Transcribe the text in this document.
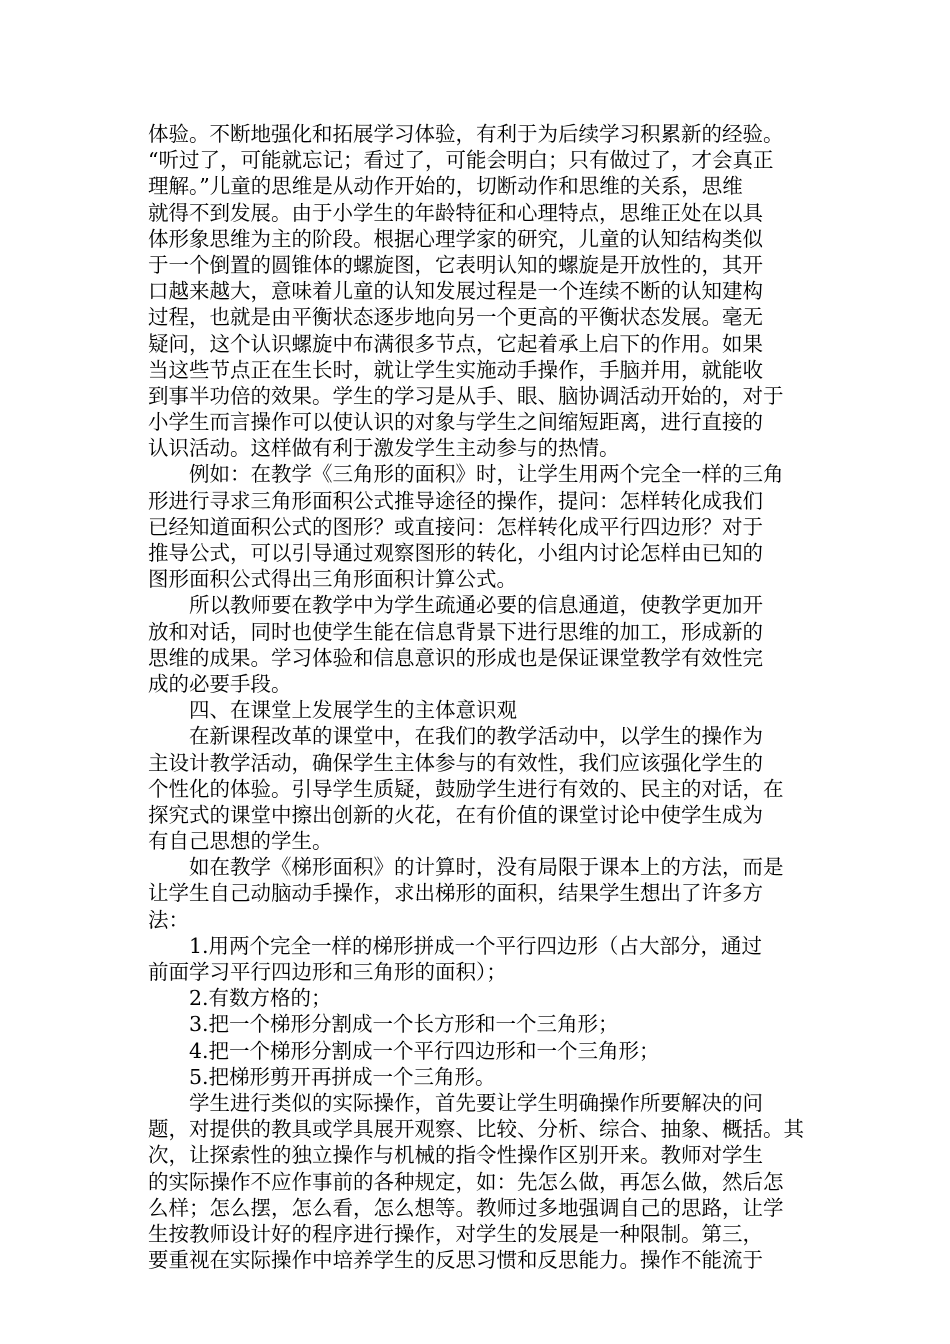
体验。不断地强化和拓展学习体验，有利于为后续学习积累新的经验。
“听过了，可能就忘记；看过了，可能会明白；只有做过了，才会真正
理解。”儿童的思维是从动作开始的，切断动作和思维的关系，思维
就得不到发展。由于小学生的年龄特征和心理特点，思维正处在以具
体形象思维为主的阶段。根据心理学家的研究，儿童的认知结构类似
于一个倒置的圆锥体的螺旋图，它表明认知的螺旋是开放性的，其开
口越来越大，意味着儿童的认知发展过程是一个连续不断的认知建构
过程，也就是由平衡状态逐步地向另一个更高的平衡状态发展。毫无
疑问，这个认识螺旋中布满很多节点，它起着承上启下的作用。如果
当这些节点正在生长时，就让学生实施动手操作，手脑并用，就能收
到事半功倍的效果。学生的学习是从手、眼、脑协调活动开始的，对于
小学生而言操作可以使认识的对象与学生之间缩短距离，进行直接的
认识活动。这样做有利于激发学生主动参与的热情。
　　例如：在教学《三角形的面积》时，让学生用两个完全一样的三角
形进行寻求三角形面积公式推导途径的操作，提问：怎样转化成我们
已经知道面积公式的图形？或直接问：怎样转化成平行四边形？对于
推导公式，可以引导通过观察图形的转化，小组内讨论怎样由已知的
图形面积公式得出三角形面积计算公式。
　　所以教师要在教学中为学生疏通必要的信息通道，使教学更加开
放和对话，同时也使学生能在信息背景下进行思维的加工，形成新的
思维的成果。学习体验和信息意识的形成也是保证课堂教学有效性完
成的必要手段。
　　四、在课堂上发展学生的主体意识观
　　在新课程改革的课堂中，在我们的教学活动中，以学生的操作为
主设计教学活动，确保学生主体参与的有效性，我们应该强化学生的
个性化的体验。引导学生质疑，鼓励学生进行有效的、民主的对话，在
探究式的课堂中擦出创新的火花，在有价值的课堂讨论中使学生成为
有自己思想的学生。
　　如在教学《梯形面积》的计算时，没有局限于课本上的方法，而是
让学生自己动脑动手操作，求出梯形的面积，结果学生想出了许多方
法：
　　1.用两个完全一样的梯形拼成一个平行四边形（占大部分，通过
前面学习平行四边形和三角形的面积）；
　　2.有数方格的；
　　3.把一个梯形分割成一个长方形和一个三角形；
　　4.把一个梯形分割成一个平行四边形和一个三角形；
　　5.把梯形剪开再拼成一个三角形。
　　学生进行类似的实际操作，首先要让学生明确操作所要解决的问
题，对提供的教具或学具展开观察、比较、分析、综合、抽象、概括。其
次，让探索性的独立操作与机械的指令性操作区别开来。教师对学生
的实际操作不应作事前的各种规定，如：先怎么做，再怎么做，然后怎
么样；怎么摆，怎么看，怎么想等。教师过多地强调自己的思路，让学
生按教师设计好的程序进行操作，对学生的发展是一种限制。第三，
要重视在实际操作中培养学生的反思习惯和反思能力。操作不能流于
